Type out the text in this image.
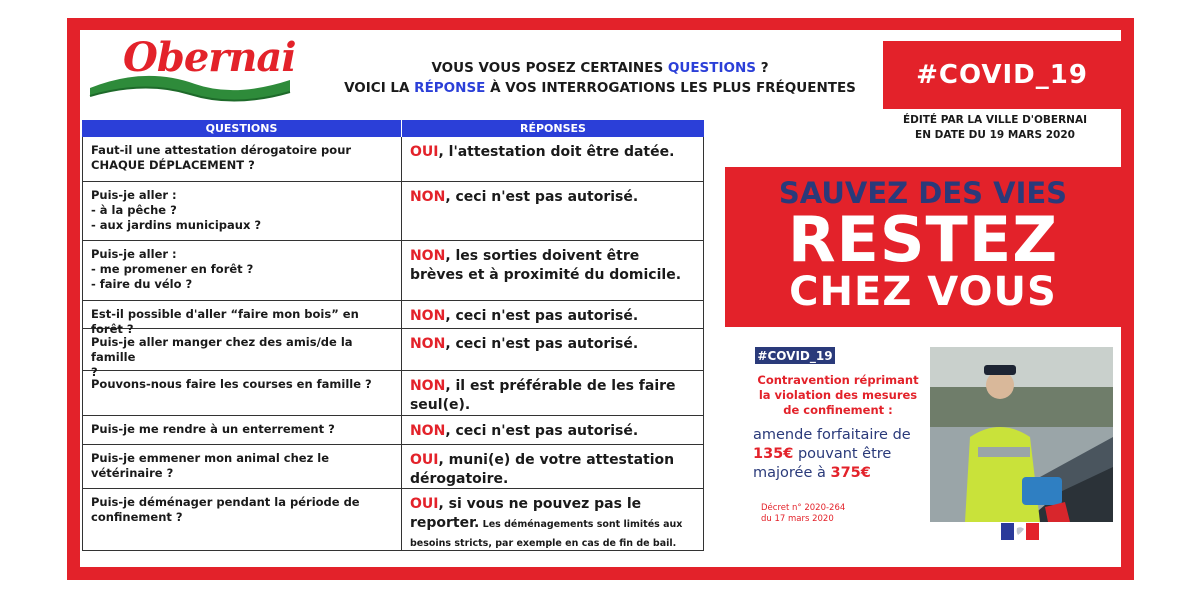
Obernai	VOUS VOUS POSEZ CERTAINES QUESTIONS ?
VOICI LA RÉPONSE À VOS INTERROGATIONS LES PLUS FRÉQUENTES	#COVID_19
ÉDITÉ PAR LA VILLE D'OBERNAI
EN DATE DU 19 MARS 2020
QUESTIONS	RÉPONSES
Faut-il une attestation dérogatoire pour
CHAQUE DÉPLACEMENT ?
OUI, l'attestation doit être datée.
Puis-je aller :
- à la pêche ?
- aux jardins municipaux ?
NON, ceci n'est pas autorisé.
Puis-je aller :
- me promener en forêt ?
- faire du vélo ?
NON, les sorties doivent être brèves et à proximité du domicile.
Est-il possible d'aller “faire mon bois” en forêt ?
NON, ceci n'est pas autorisé.
Puis-je aller manger chez des amis/de la famille
?
NON, ceci n'est pas autorisé.
Pouvons-nous faire les courses en famille ?	NON, il est préférable de les faire seul(e).
Puis-je me rendre à un enterrement ?	NON, ceci n'est pas autorisé.
Puis-je emmener mon animal chez le
vétérinaire ?
OUI, muni(e) de votre attestation dérogatoire.
Puis-je déménager pendant la période de
confinement ?
OUI, si vous ne pouvez pas le reporter. Les déménagements sont limités aux besoins stricts, par exemple en cas de fin de bail.
SAUVEZ DES VIES
RESTEZ
CHEZ VOUS
#COVID_19
Contravention réprimant la violation des mesures de confinement :
amende forfaitaire de 135€ pouvant être majorée à 375€
Décret n° 2020-264
du 17 mars 2020
